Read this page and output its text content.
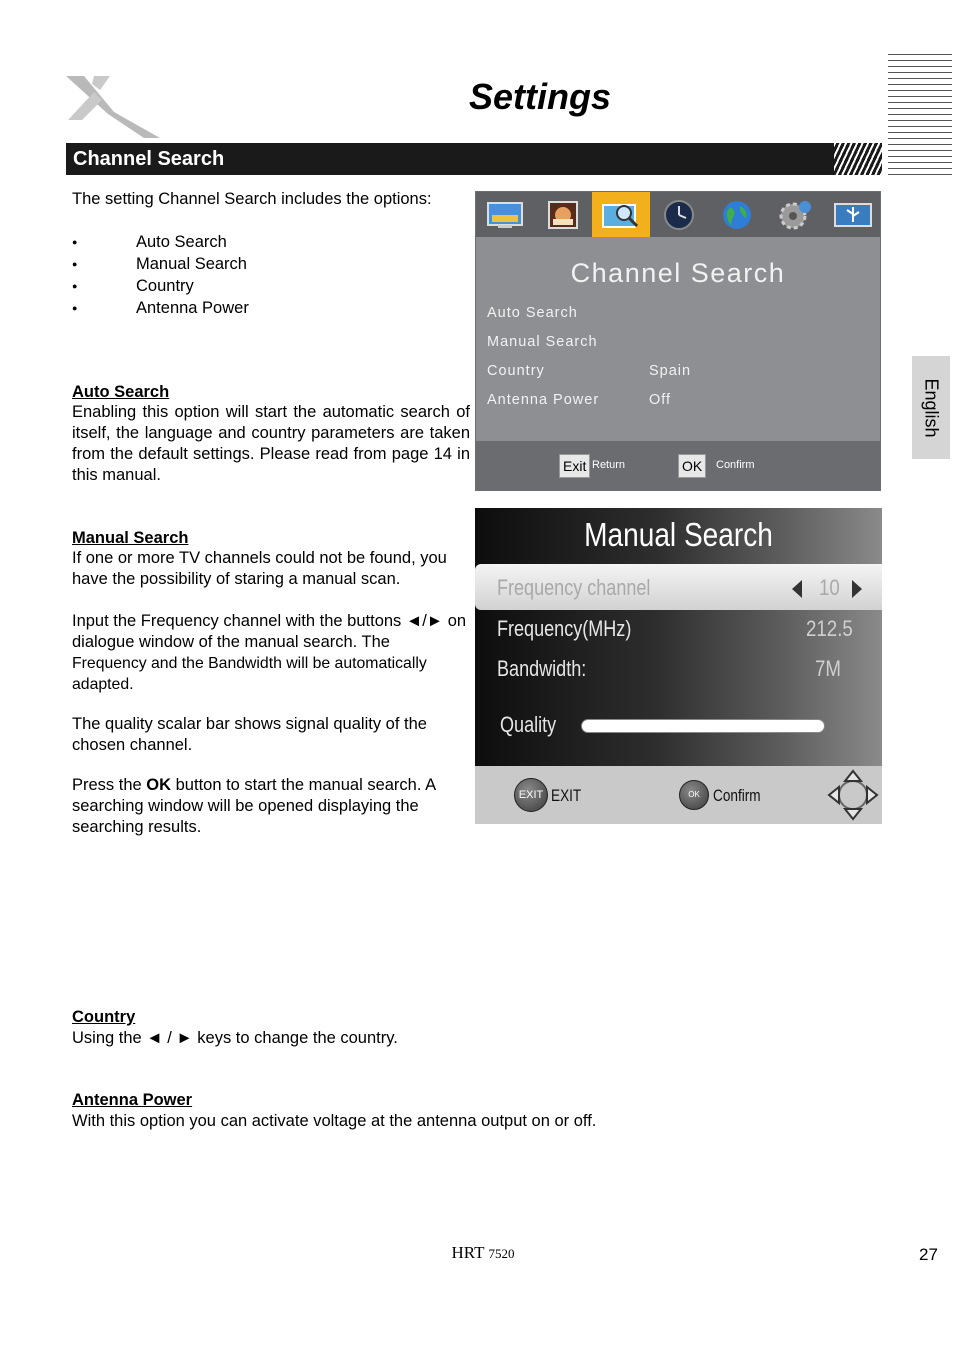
Settings
Channel Search
English
The setting Channel Search includes the options:
● Auto Search
● Manual Search
● Country
● Antenna Power
Auto Search
Enabling this option will start the automatic search of itself, the language and country parameters are taken from the default settings. Please read from page 14 in this manual.
Manual Search
If one or more TV channels could not be found, you have the possibility of staring a manual scan.
Input the Frequency channel with the buttons ◄/► on dialogue window of the manual search. The
Frequency and the Bandwidth will be automatically adapted.
The quality scalar bar shows signal quality of the chosen channel.
Press the OK button to start the manual search. A searching window will be opened displaying the searching results.
Country
Using the ◄ / ► keys to change the country.
Antenna Power
With this option you can activate voltage at the antenna output on or off.
Channel Search
Auto Search
Manual Search
Country	Spain
Antenna Power	Off
Exit Return	OK	Confirm
Manual Search
Frequency channel	10
Frequency(MHz)	212.5
Bandwidth:	7M
Quality
EXIT EXIT	OK Confirm
HRT 7520	27
